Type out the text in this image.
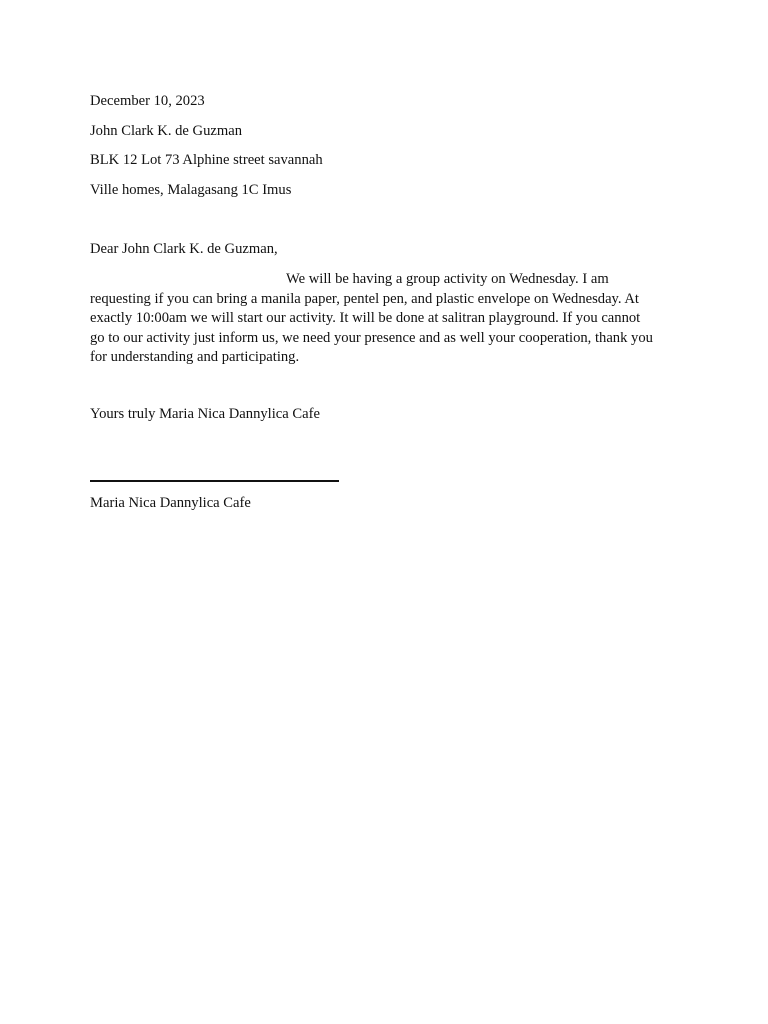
December 10, 2023
John Clark K. de Guzman
BLK 12 Lot 73 Alphine street savannah
Ville homes, Malagasang 1C Imus
Dear John Clark K. de Guzman,
We will be having a group activity on Wednesday. I am
requesting if you can bring a manila paper, pentel pen, and plastic envelope on Wednesday. At
exactly 10:00am we will start our activity. It will be done at salitran playground. If you cannot
go to our activity just inform us, we need your presence and as well your cooperation, thank you
for understanding and participating.
Yours truly Maria Nica Dannylica Cafe
Maria Nica Dannylica Cafe
